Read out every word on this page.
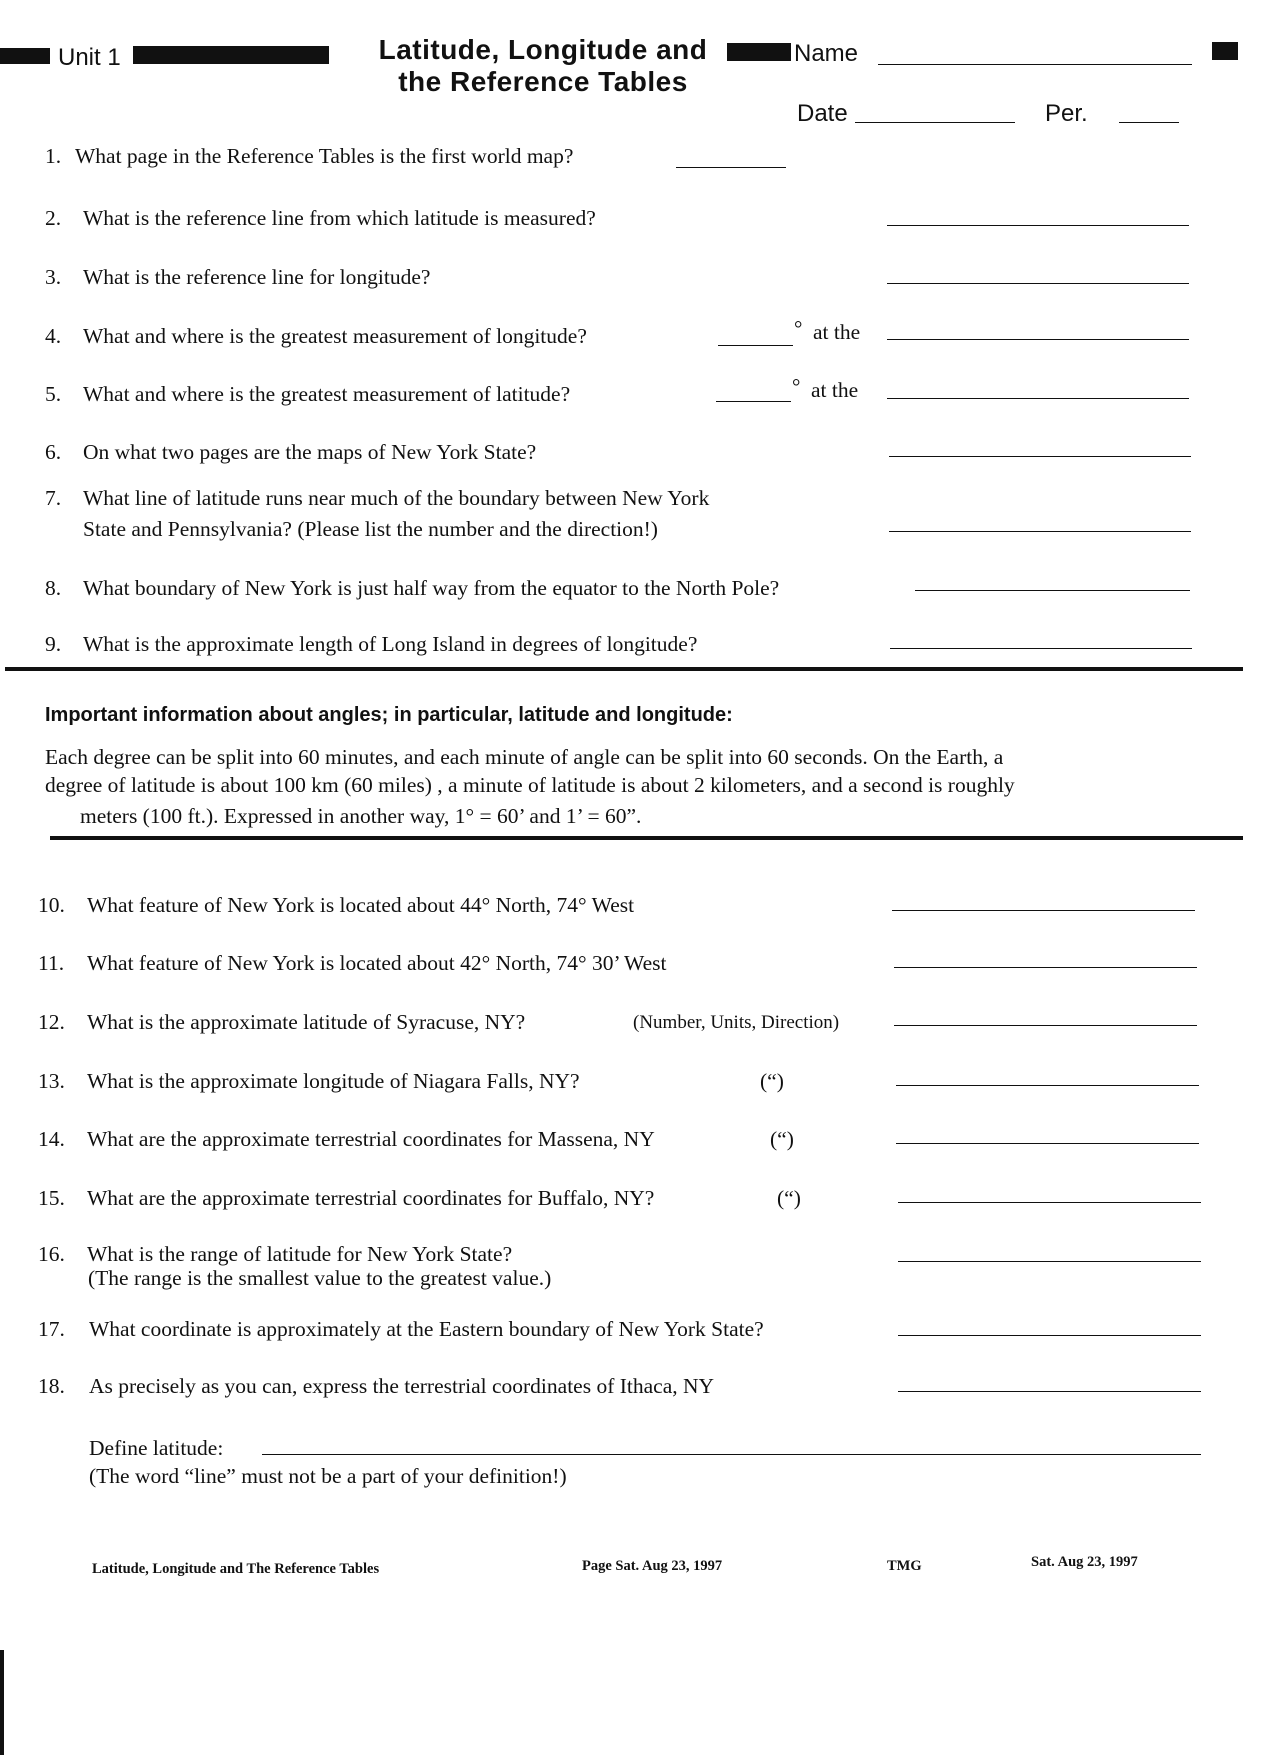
Unit 1	Latitude, Longitude and
the Reference Tables
Name
Date	Per.
1. What page in the Reference Tables is the first world map?
2. What is the reference line from which latitude is measured?
3. What is the reference line for longitude?
4. What and where is the greatest measurement of longitude?	° at the
5. What and where is the greatest measurement of latitude?	° at the
6. On what two pages are the maps of New York State?
7. What line of latitude runs near much of the boundary between New York
State and Pennsylvania? (Please list the number and the direction!)
8. What boundary of New York is just half way from the equator to the North Pole?
9. What is the approximate length of Long Island in degrees of longitude?
Important information about angles; in particular, latitude and longitude:
Each degree can be split into 60 minutes, and each minute of angle can be split into 60 seconds. On the Earth, a
degree of latitude is about 100 km (60 miles) , a minute of latitude is about 2 kilometers, and a second is roughly
meters (100 ft.). Expressed in another way, 1° = 60’ and 1’ = 60”.
10. What feature of New York is located about 44° North, 74° West
11. What feature of New York is located about 42° North, 74° 30’ West
12. What is the approximate latitude of Syracuse, NY?	(Number, Units, Direction)
13. What is the approximate longitude of Niagara Falls, NY?	(“)
14. What are the approximate terrestrial coordinates for Massena, NY	(“)
15. What are the approximate terrestrial coordinates for Buffalo, NY?	(“)
16. What is the range of latitude for New York State?
(The range is the smallest value to the greatest value.)
17. What coordinate is approximately at the Eastern boundary of New York State?
18. As precisely as you can, express the terrestrial coordinates of Ithaca, NY
Define latitude:
(The word “line” must not be a part of your definition!)
Latitude, Longitude and The Reference Tables	Page Sat. Aug 23, 1997	TMG	Sat. Aug 23, 1997
